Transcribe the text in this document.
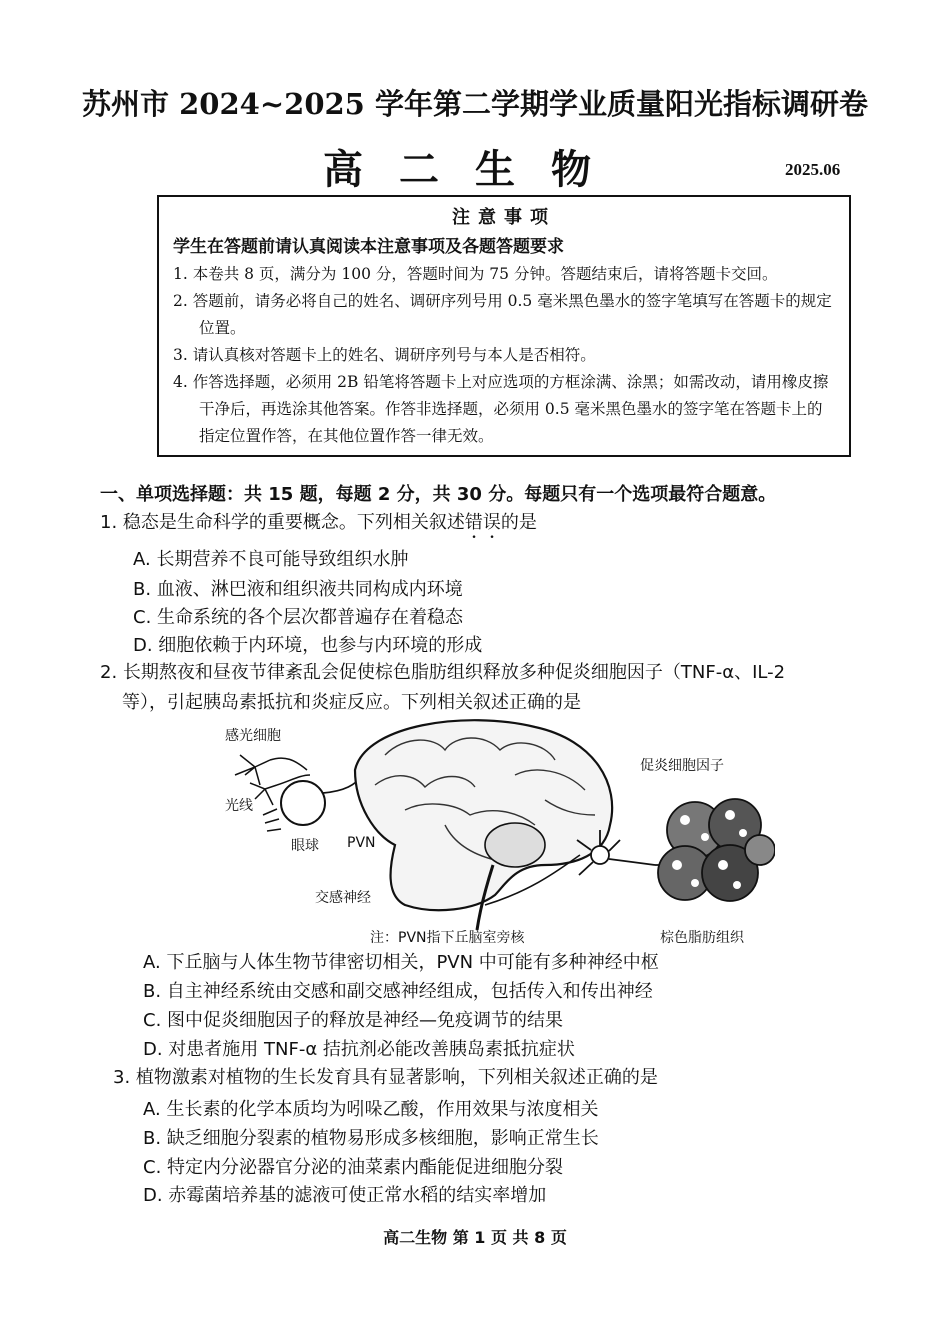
苏州市 2024~2025 学年第二学期学业质量阳光指标调研卷
高二生物	2025.06
注意事项
学生在答题前请认真阅读本注意事项及各题答题要求
1. 本卷共 8 页，满分为 100 分，答题时间为 75 分钟。答题结束后，请将答题卡交回。
2. 答题前，请务必将自己的姓名、调研序列号用 0.5 毫米黑色墨水的签字笔填写在答题卡的规定位置。
3. 请认真核对答题卡上的姓名、调研序列号与本人是否相符。
4. 作答选择题，必须用 2B 铅笔将答题卡上对应选项的方框涂满、涂黑；如需改动，请用橡皮擦干净后，再选涂其他答案。作答非选择题，必须用 0.5 毫米黑色墨水的签字笔在答题卡上的指定位置作答，在其他位置作答一律无效。
一、单项选择题：共 15 题，每题 2 分，共 30 分。每题只有一个选项最符合题意。
1. 稳态是生命科学的重要概念。下列相关叙述错误的是
A. 长期营养不良可能导致组织水肿
B. 血液、淋巴液和组织液共同构成内环境
C. 生命系统的各个层次都普遍存在着稳态
D. 细胞依赖于内环境，也参与内环境的形成
2. 长期熬夜和昼夜节律紊乱会促使棕色脂肪组织释放多种促炎细胞因子（TNF-α、IL-2
等），引起胰岛素抵抗和炎症反应。下列相关叙述正确的是
感光细胞
光线
眼球 PVN
交感神经
促炎细胞因子
注：PVN指下丘脑室旁核	棕色脂肪组织
A. 下丘脑与人体生物节律密切相关，PVN 中可能有多种神经中枢
B. 自主神经系统由交感和副交感神经组成，包括传入和传出神经
C. 图中促炎细胞因子的释放是神经—免疫调节的结果
D. 对患者施用 TNF-α 拮抗剂必能改善胰岛素抵抗症状
3. 植物激素对植物的生长发育具有显著影响，下列相关叙述正确的是
A. 生长素的化学本质均为吲哚乙酸，作用效果与浓度相关
B. 缺乏细胞分裂素的植物易形成多核细胞，影响正常生长
C. 特定内分泌器官分泌的油菜素内酯能促进细胞分裂
D. 赤霉菌培养基的滤液可使正常水稻的结实率增加
高二生物 第 1 页 共 8 页
